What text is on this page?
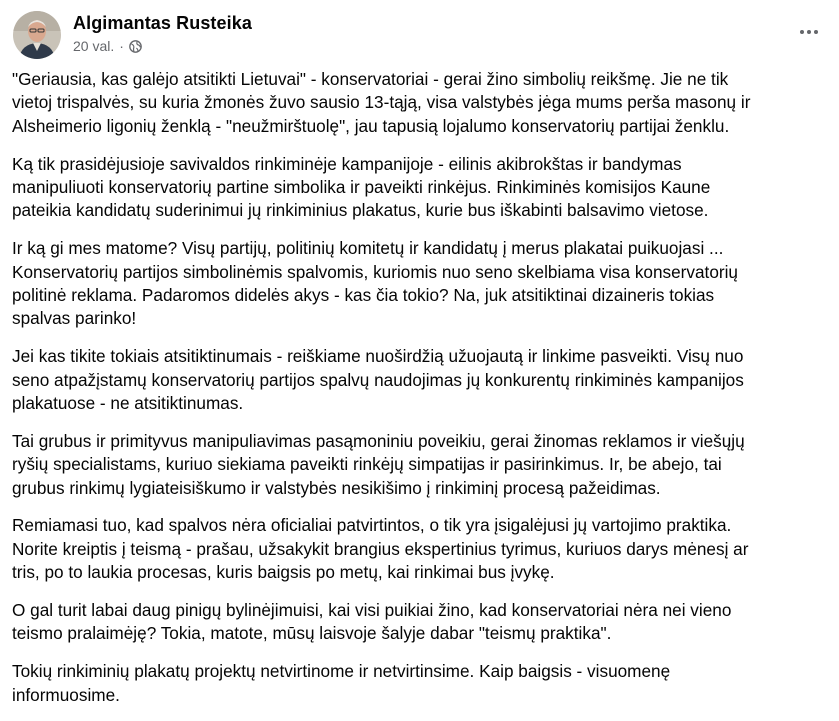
Algimantas Rusteika
20 val. ·

"Geriausia, kas galėjo atsitikti Lietuvai" - konservatoriai - gerai žino simbolių reikšmę. Jie ne tik
vietoj trispalvės, su kuria žmonės žuvo sausio 13-tąją, visa valstybės jėga mums perša masonų ir
Alsheimerio ligonių ženklą - "neužmirštuolę", jau tapusią lojalumo konservatorių partijai ženklu.

Ką tik prasidėjusioje savivaldos rinkiminėje kampanijoje - eilinis akibrokštas ir bandymas
manipuliuoti konservatorių partine simbolika ir paveikti rinkėjus. Rinkiminės komisijos Kaune
pateikia kandidatų suderinimui jų rinkiminius plakatus, kurie bus iškabinti balsavimo vietose.

Ir ką gi mes matome? Visų partijų, politinių komitetų ir kandidatų į merus plakatai puikuojasi ...
Konservatorių partijos simbolinėmis spalvomis, kuriomis nuo seno skelbiama visa konservatorių
politinė reklama. Padaromos didelės akys - kas čia tokio? Na, juk atsitiktinai dizaineris tokias
spalvas parinko!

Jei kas tikite tokiais atsitiktinumais - reiškiame nuoširdžią užuojautą ir linkime pasveikti. Visų nuo
seno atpažįstamų konservatorių partijos spalvų naudojimas jų konkurentų rinkiminės kampanijos
plakatuose - ne atsitiktinumas.

Tai grubus ir primityvus manipuliavimas pasąmoniniu poveikiu, gerai žinomas reklamos ir viešųjų
ryšių specialistams, kuriuo siekiama paveikti rinkėjų simpatijas ir pasirinkimus. Ir, be abejo, tai
grubus rinkimų lygiateisiškumo ir valstybės nesikišimo į rinkiminį procesą pažeidimas.

Remiamasi tuo, kad spalvos nėra oficialiai patvirtintos, o tik yra įsigalėjusi jų vartojimo praktika.
Norite kreiptis į teismą - prašau, užsakykit brangius ekspertinius tyrimus, kuriuos darys mėnesį ar
tris, po to laukia procesas, kuris baigsis po metų, kai rinkimai bus įvykę.

O gal turit labai daug pinigų bylinėjimuisi, kai visi puikiai žino, kad konservatoriai nėra nei vieno
teismo pralaimėję? Tokia, matote, mūsų laisvoje šalyje dabar "teismų praktika".

Tokių rinkiminių plakatų projektų netvirtinome ir netvirtinsime. Kaip baigsis - visuomenę
informuosime.
